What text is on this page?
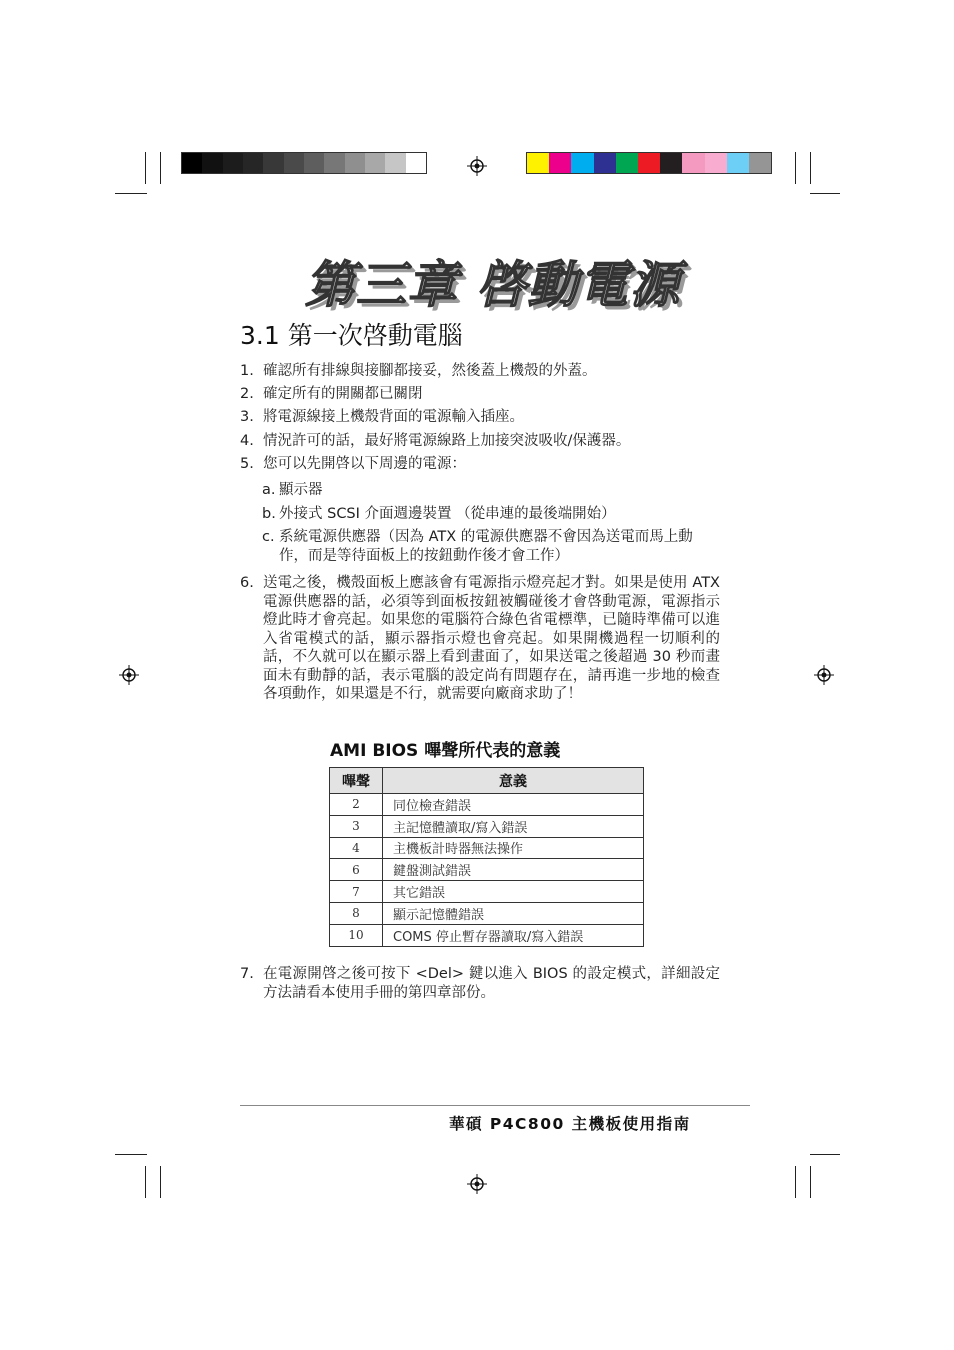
第三章 啓動電源
3.1 第一次啓動電腦
1. 確認所有排線與接腳都接妥，然後蓋上機殼的外蓋。
2. 確定所有的開關都已關閉
3. 將電源線接上機殼背面的電源輸入插座。
4. 情況許可的話，最好將電源線路上加接突波吸收/保護器。
5. 您可以先開啓以下周邊的電源：
a. 顯示器
b. 外接式 SCSI 介面週邊裝置 （從串連的最後端開始）
c. 系統電源供應器（因為 ATX 的電源供應器不會因為送電而馬上動作，而是等待面板上的按鈕動作後才會工作）
6. 送電之後，機殼面板上應該會有電源指示燈亮起才對。如果是使用 ATX 電源供應器的話，必須等到面板按鈕被觸碰後才會啓動電源，電源指示燈此時才會亮起。如果您的電腦符合綠色省電標準，已隨時準備可以進入省電模式的話，顯示器指示燈也會亮起。如果開機過程一切順利的話，不久就可以在顯示器上看到畫面了，如果送電之後超過 30 秒而畫面未有動靜的話，表示電腦的設定尚有問題存在，請再進一步地的檢查各項動作，如果還是不行，就需要向廠商求助了！
AMI BIOS 嗶聲所代表的意義
嗶聲	意義
2	同位檢查錯誤
3	主記憶體讀取/寫入錯誤
4	主機板計時器無法操作
6	鍵盤測試錯誤
7	其它錯誤
8	顯示記憶體錯誤
10	COMS 停止暫存器讀取/寫入錯誤
7. 在電源開啓之後可按下 <Del> 鍵以進入 BIOS 的設定模式，詳細設定方法請看本使用手冊的第四章部份。
華碩 P4C800 主機板使用指南
